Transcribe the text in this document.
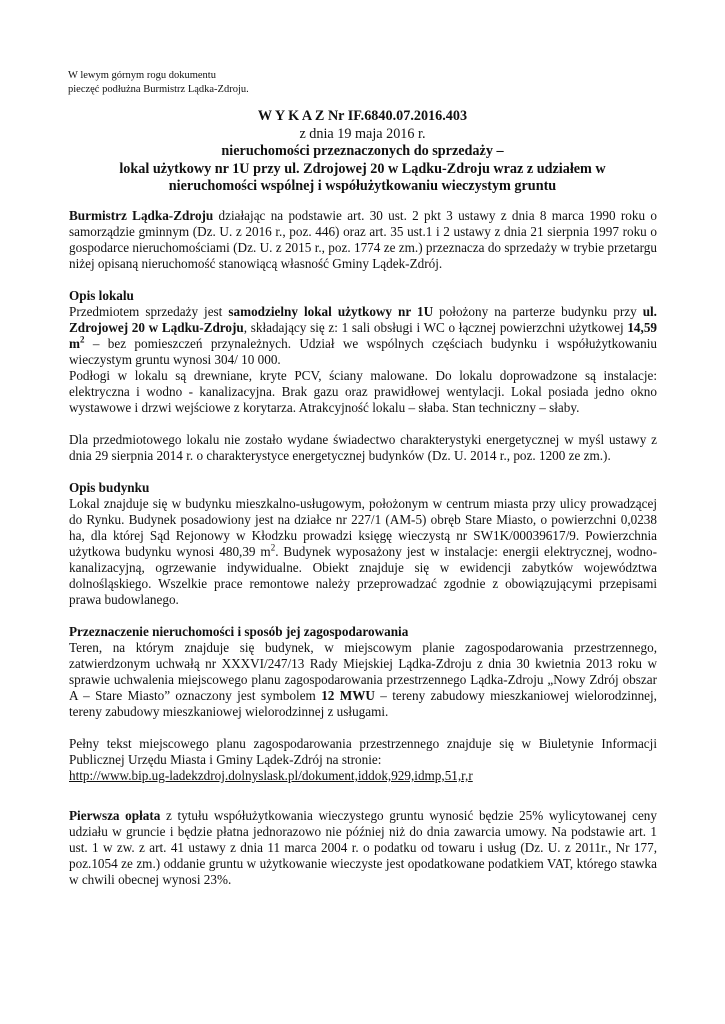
W lewym górnym rogu dokumentu
pieczęć podłużna Burmistrz Lądka-Zdroju.
W Y K A Z Nr IF.6840.07.2016.403
z dnia 19 maja 2016 r.
nieruchomości przeznaczonych do sprzedaży –
lokal użytkowy nr 1U przy ul. Zdrojowej 20 w Lądku-Zdroju wraz z udziałem w
nieruchomości wspólnej i współużytkowaniu wieczystym gruntu

Burmistrz Lądka-Zdroju działając na podstawie art. 30 ust. 2 pkt 3 ustawy z dnia 8 marca 1990 roku o samorządzie gminnym (Dz. U. z 2016 r., poz. 446) oraz art. 35 ust.1 i 2 ustawy z dnia 21 sierpnia 1997 roku o gospodarce nieruchomościami (Dz. U. z 2015 r., poz. 1774 ze zm.) przeznacza do sprzedaży w trybie przetargu niżej opisaną nieruchomość stanowiącą własność Gminy Lądek-Zdrój.

Opis lokalu

Przedmiotem sprzedaży jest samodzielny lokal użytkowy nr 1U położony na parterze budynku przy ul. Zdrojowej 20 w Lądku-Zdroju, składający się z: 1 sali obsługi i WC o łącznej powierzchni użytkowej 14,59 $m^2$ – bez pomieszczeń przynależnych. Udział we wspólnych częściach budynku i współużytkowaniu wieczystym gruntu wynosi 304/ 10 000.

Podłogi w lokalu są drewniane, kryte PCV, ściany malowane. Do lokalu doprowadzone są instalacje: elektryczna i wodno - kanalizacyjna. Brak gazu oraz prawidłowej wentylacji. Lokal posiada jedno okno wystawowe i drzwi wejściowe z korytarza. Atrakcyjność lokalu – słaba. Stan techniczny – słaby.

Dla przedmiotowego lokalu nie zostało wydane świadectwo charakterystyki energetycznej w myśl ustawy z dnia 29 sierpnia 2014 r. o charakterystyce energetycznej budynków (Dz. U. 2014 r., poz. 1200 ze zm.).

Opis budynku

Lokal znajduje się w budynku mieszkalno-usługowym, położonym w centrum miasta przy ulicy prowadzącej do Rynku. Budynek posadowiony jest na działce nr 227/1 (AM-5) obręb Stare Miasto, o powierzchni 0,0238 ha, dla której Sąd Rejonowy w Kłodzku prowadzi księgę wieczystą nr SW1K/00039617/9. Powierzchnia użytkowa budynku wynosi 480,39 $m^2$. Budynek wyposażony jest w instalacje: energii elektrycznej, wodno-kanalizacyjną, ogrzewanie indywidualne. Obiekt znajduje się w ewidencji zabytków województwa dolnośląskiego. Wszelkie prace remontowe należy przeprowadzać zgodnie z obowiązującymi przepisami prawa budowlanego.

Przeznaczenie nieruchomości i sposób jej zagospodarowania

Teren, na którym znajduje się budynek, w miejscowym planie zagospodarowania przestrzennego, zatwierdzonym uchwałą nr XXXVI/247/13 Rady Miejskiej Lądka-Zdroju z dnia 30 kwietnia 2013 roku w sprawie uchwalenia miejscowego planu zagospodarowania przestrzennego Lądka-Zdroju „Nowy Zdrój obszar A – Stare Miasto” oznaczony jest symbolem 12 MWU – tereny zabudowy mieszkaniowej wielorodzinnej, tereny zabudowy mieszkaniowej wielorodzinnej z usługami.

Pełny tekst miejscowego planu zagospodarowania przestrzennego znajduje się w Biuletynie Informacji Publicznej Urzędu Miasta i Gminy Lądek-Zdrój na stronie:

http://www.bip.ug-ladekzdroj.dolnyslask.pl/dokument,iddok,929,idmp,51,r,r

Pierwsza opłata z tytułu współużytkowania wieczystego gruntu wynosić będzie 25% wylicytowanej ceny udziału w gruncie i będzie płatna jednorazowo nie później niż do dnia zawarcia umowy. Na podstawie art. 1 ust. 1 w zw. z art. 41 ustawy z dnia 11 marca 2004 r. o podatku od towaru i usług (Dz. U. z 2011r., Nr 177, poz.1054 ze zm.) oddanie gruntu w użytkowanie wieczyste jest opodatkowane podatkiem VAT, którego stawka w chwili obecnej wynosi 23%.
